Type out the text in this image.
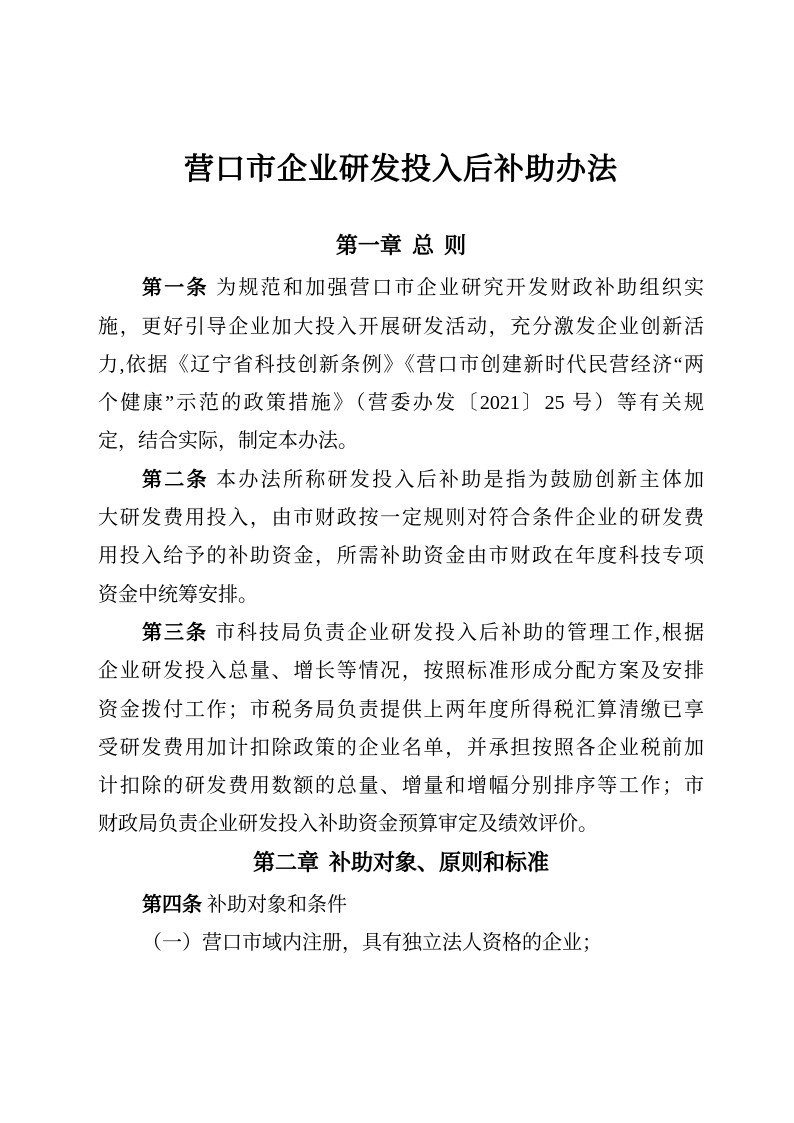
营口市企业研发投入后补助办法
第一章 总 则
第一条 为规范和加强营口市企业研究开发财政补助组织实
施，更好引导企业加大投入开展研发活动，充分激发企业创新活
力,依据《辽宁省科技创新条例》《营口市创建新时代民营经济“两
个健康”示范的政策措施》（营委办发〔2021〕25 号）等有关规
定，结合实际，制定本办法。
第二条 本办法所称研发投入后补助是指为鼓励创新主体加
大研发费用投入，由市财政按一定规则对符合条件企业的研发费
用投入给予的补助资金，所需补助资金由市财政在年度科技专项
资金中统筹安排。
第三条 市科技局负责企业研发投入后补助的管理工作,根据
企业研发投入总量、增长等情况，按照标准形成分配方案及安排
资金拨付工作；市税务局负责提供上两年度所得税汇算清缴已享
受研发费用加计扣除政策的企业名单，并承担按照各企业税前加
计扣除的研发费用数额的总量、增量和增幅分别排序等工作；市
财政局负责企业研发投入补助资金预算审定及绩效评价。
第二章 补助对象、原则和标准
第四条 补助对象和条件
（一）营口市域内注册，具有独立法人资格的企业；
